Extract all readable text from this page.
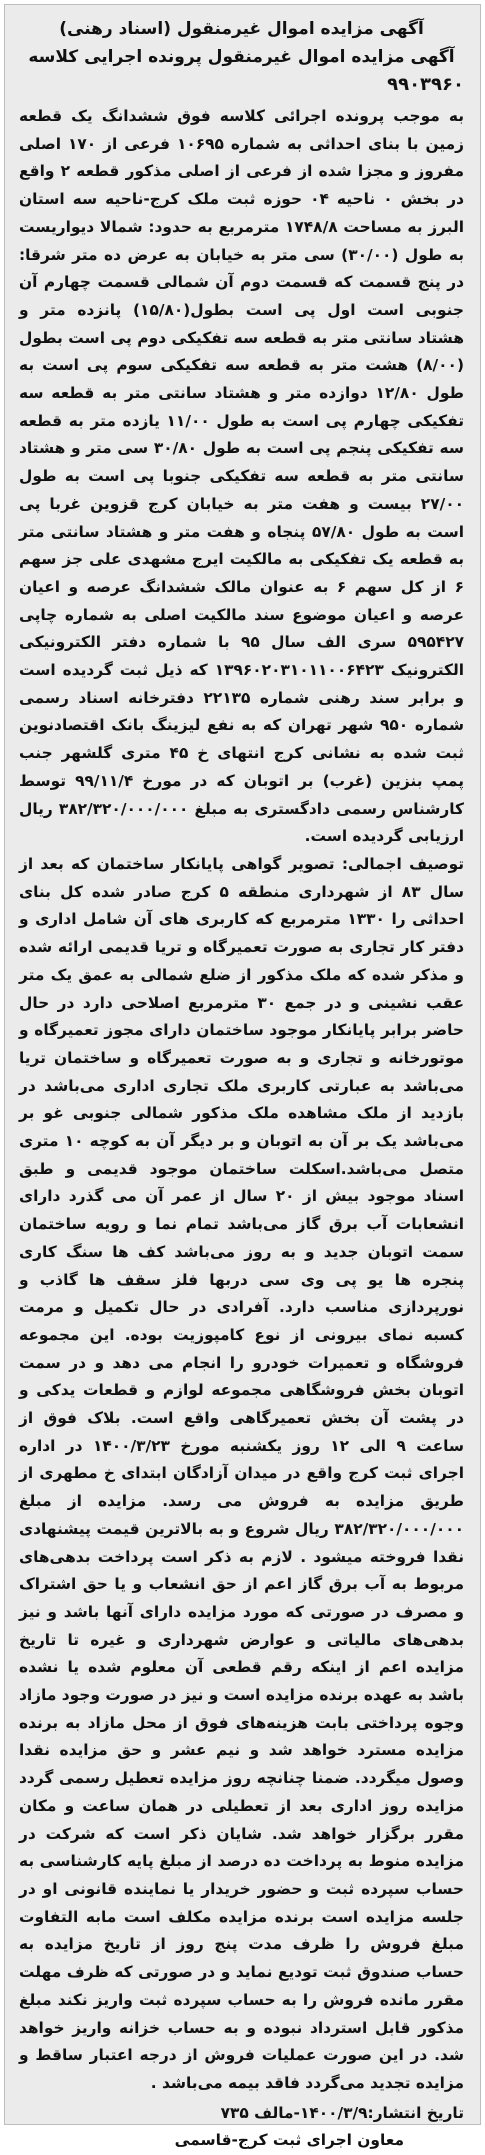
آگهی مزایده اموال غیرمنقول (اسناد رهنی)

آگهی مزایده اموال غیرمنقول پرونده اجرایی کلاسه

۹۹۰۳۹۶۰

به موجب پرونده اجرائی کلاسه فوق ششدانگ یک قطعه زمین با بنای احداثی به شماره ۱۰۶۹۵ فرعی از ۱۷۰ اصلی مفروز و مجزا شده از فرعی از اصلی مذکور قطعه ۲ واقع در بخش ۰ ناحیه ۰۴ حوزه ثبت ملک کرج-ناحیه سه استان البرز به مساحت ۱۷۴۸/۸ مترمربع به حدود: شمالا دیواریست به طول (۳۰/۰۰) سی متر به خیابان به عرض ده متر شرقا: در پنج قسمت که قسمت دوم آن شمالی قسمت چهارم آن جنوبی است اول پی است بطول(۱۵/۸۰) پانزده متر و هشتاد سانتی متر به قطعه سه تفکیکی دوم پی است بطول (۸/۰۰) هشت متر به قطعه سه تفکیکی سوم پی است به طول ۱۲/۸۰ دوازده متر و هشتاد سانتی متر به قطعه سه تفکیکی چهارم پی است به طول ۱۱/۰۰ یازده متر به قطعه سه تفکیکی پنجم پی است به طول ۳۰/۸۰ سی متر و هشتاد سانتی متر به قطعه سه تفکیکی جنوبا پی است به طول ۲۷/۰۰ بیست و هفت متر به خیابان کرج قزوین غربا پی است به طول ۵۷/۸۰ پنجاه و هفت متر و هشتاد سانتی متر به قطعه یک تفکیکی به مالکیت ایرج مشهدی علی جز سهم ۶ از کل سهم ۶ به عنوان مالک ششدانگ عرصه و اعیان عرصه و اعیان موضوع سند مالکیت اصلی به شماره چاپی ۵۹۵۴۲۷ سری الف سال ۹۵ با شماره دفتر الکترونیکی الکترونیک ۱۳۹۶۰۲۰۳۱۰۱۱۰۰۶۴۲۳ که ذیل ثبت گردیده است و برابر سند رهنی شماره ۲۲۱۳۵ دفترخانه اسناد رسمی شماره ۹۵۰ شهر تهران که به نفع لیزینگ بانک اقتصادنوین ثبت شده به نشانی کرج انتهای خ ۴۵ متری گلشهر جنب پمپ بنزین (غرب) بر اتوبان که در مورخ ۹۹/۱۱/۴ توسط کارشناس رسمی دادگستری به مبلغ ۳۸۲/۳۲۰/۰۰۰/۰۰۰ ریال ارزیابی گردیده است.

توصیف اجمالی: تصویر گواهی پایانکار ساختمان که بعد از سال ۸۳ از شهرداری منطقه ۵ کرج صادر شده کل بنای احداثی را ۱۳۳۰ مترمربع که کاربری های آن شامل اداری و دفتر کار تجاری به صورت تعمیرگاه و تریا قدیمی ارائه شده و مذکر شده که ملک مذکور از ضلع شمالی به عمق یک متر عقب نشینی و در جمع ۳۰ مترمربع اصلاحی دارد در حال حاضر برابر پایانکار موجود ساختمان دارای مجوز تعمیرگاه و موتورخانه و تجاری و به صورت تعمیرگاه و ساختمان تریا می‌باشد به عبارتی کاربری ملک تجاری اداری می‌باشد در بازدید از ملک مشاهده ملک مذکور شمالی جنوبی غو بر می‌باشد یک بر آن به اتوبان و بر دیگر آن به کوچه ۱۰ متری متصل می‌باشد.اسکلت ساختمان موجود قدیمی و طبق اسناد موجود بیش از ۲۰ سال از عمر آن می گذرد دارای انشعابات آب برق گاز می‌باشد تمام نما و رویه ساختمان سمت اتوبان جدید و به روز می‌باشد کف ها سنگ کاری پنجره ها یو پی وی سی دربها فلز سقف ها گاذب و نورپردازی مناسب دارد. آفرادی در حال تکمیل و مرمت کسبه نمای بیرونی از نوع کامپوزیت بوده. این مجموعه فروشگاه و تعمیرات خودرو را انجام می دهد و در سمت اتوبان بخش فروشگاهی مجموعه لوازم و قطعات یدکی و در پشت آن بخش تعمیرگاهی واقع است. بلاک فوق از ساعت ۹ الی ۱۲ روز یکشنبه مورخ ۱۴۰۰/۳/۲۳ در اداره اجرای ثبت کرج واقع در میدان آزادگان ابتدای خ مطهری از طریق مزایده به فروش می رسد. مزایده از مبلغ ۳۸۲/۳۲۰/۰۰۰/۰۰۰ ریال شروع و به بالاترین قیمت پیشنهادی نقدا فروخته میشود . لازم به ذکر است پرداخت بدهی‌های مربوط به آب برق گاز اعم از حق انشعاب و یا حق اشتراک و مصرف در صورتی که مورد مزایده دارای آنها باشد و نیز بدهی‌های مالیاتی و عوارض شهرداری و غیره تا تاریخ مزایده اعم از اینکه رقم قطعی آن معلوم شده یا نشده باشد به عهده برنده مزایده است و نیز در صورت وجود مازاد وجوه پرداختی بابت هزینه‌های فوق از محل مازاد به برنده مزایده مسترد خواهد شد و نیم عشر و حق مزایده نقدا وصول میگردد. ضمنا چنانچه روز مزایده تعطیل رسمی گردد مزایده روز اداری بعد از تعطیلی در همان ساعت و مکان مقرر برگزار خواهد شد. شایان ذکر است که شرکت در مزایده منوط به پرداخت ده درصد از مبلغ پایه کارشناسی به حساب سپرده ثبت و حضور خریدار یا نماینده قانونی او در جلسه مزایده است برنده مزایده مکلف است مابه التفاوت مبلغ فروش را ظرف مدت پنج روز از تاریخ مزایده به حساب صندوق ثبت تودیع نماید و در صورتی که ظرف مهلت مقرر مانده فروش را به حساب سپرده ثبت واریز نکند مبلغ مذکور قابل استرداد نبوده و به حساب خزانه واریز خواهد شد. در این صورت عملیات فروش از درجه اعتبار ساقط و مزایده تجدید می‌گردد فاقد بیمه می‌باشد .

تاریخ انتشار:۱۴۰۰/۳/۹-مالف ۷۳۵

معاون اجرای ثبت کرج-قاسمی
